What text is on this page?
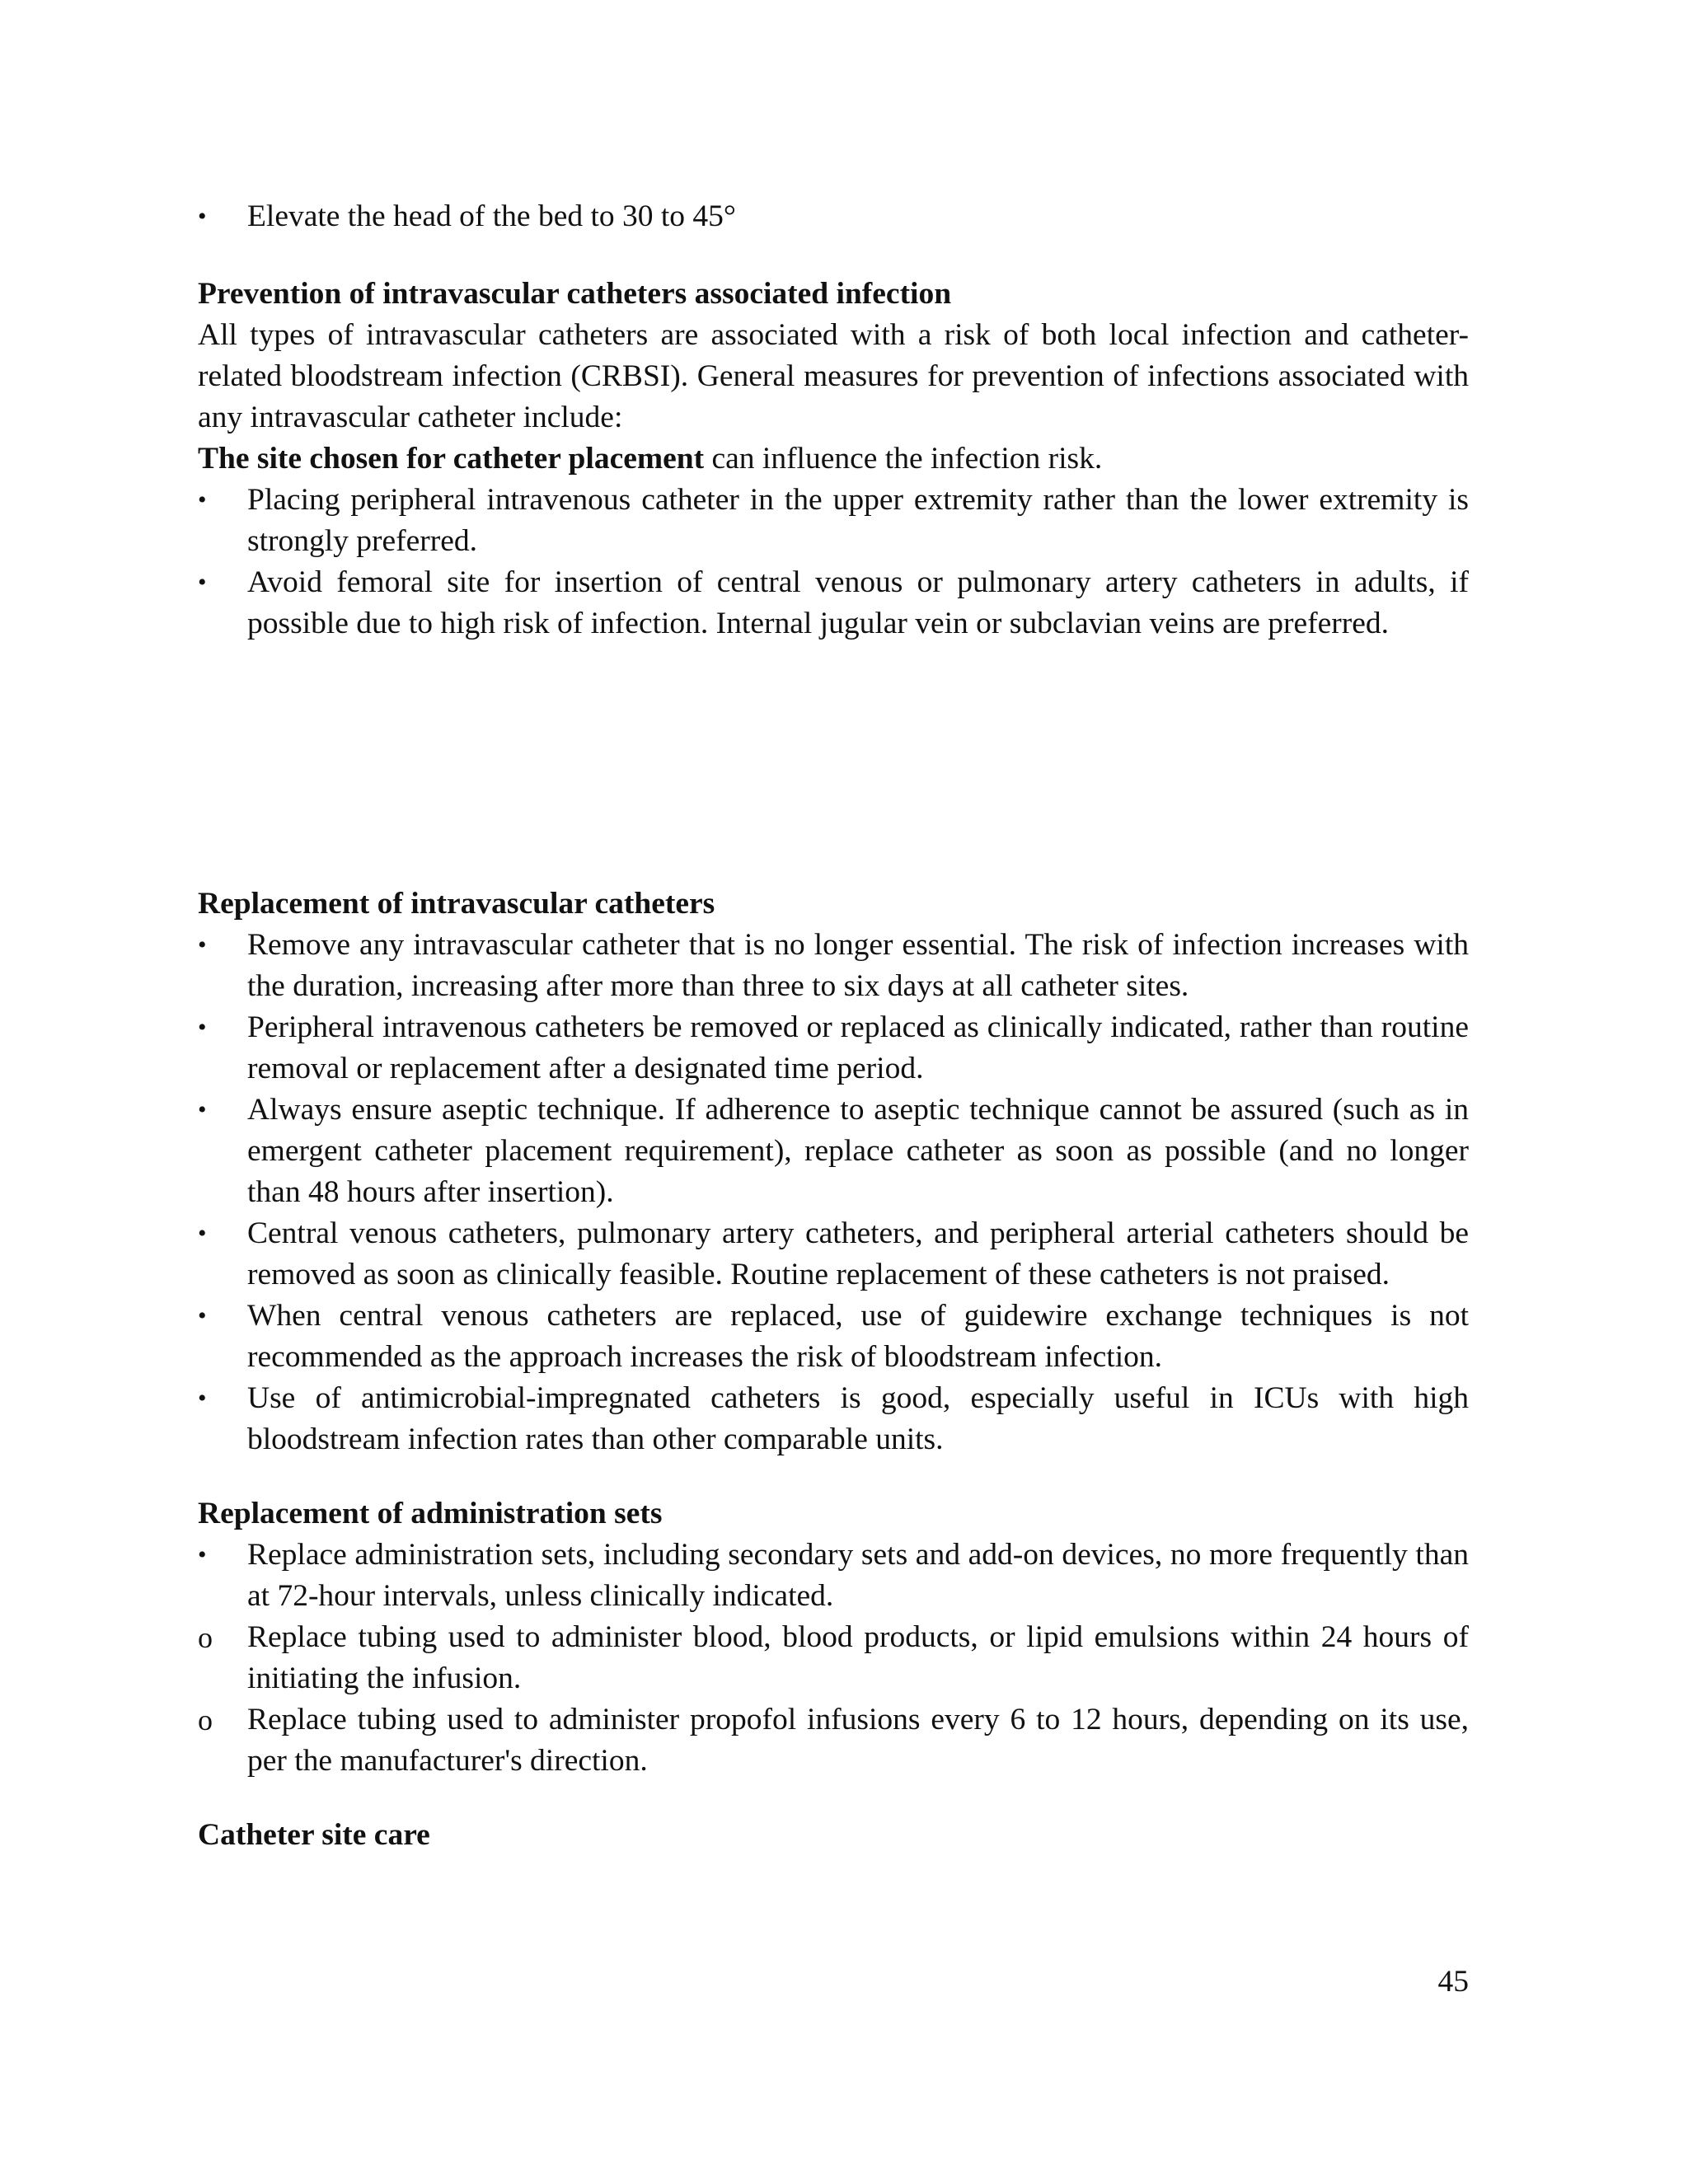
•	Elevate the head of the bed to 30 to 45°

Prevention of intravascular catheters associated infection

All types of intravascular catheters are associated with a risk of both local infection and catheter-related bloodstream infection (CRBSI). General measures for prevention of infections associated with any intravascular catheter include:

The site chosen for catheter placement can influence the infection risk.

•	Placing peripheral intravenous catheter in the upper extremity rather than the lower extremity is strongly preferred.
•	Avoid femoral site for insertion of central venous or pulmonary artery catheters in adults, if possible due to high risk of infection. Internal jugular vein or subclavian veins are preferred.

Replacement of intravascular catheters

•	Remove any intravascular catheter that is no longer essential. The risk of infection increases with the duration, increasing after more than three to six days at all catheter sites.
•	Peripheral intravenous catheters be removed or replaced as clinically indicated, rather than routine removal or replacement after a designated time period.
•	Always ensure aseptic technique. If adherence to aseptic technique cannot be assured (such as in emergent catheter placement requirement), replace catheter as soon as possible (and no longer than 48 hours after insertion).
•	Central venous catheters, pulmonary artery catheters, and peripheral arterial catheters should be removed as soon as clinically feasible. Routine replacement of these catheters is not praised.
•	When central venous catheters are replaced, use of guidewire exchange techniques is not recommended as the approach increases the risk of bloodstream infection.
•	Use of antimicrobial-impregnated catheters is good, especially useful in ICUs with high bloodstream infection rates than other comparable units.

Replacement of administration sets

•	Replace administration sets, including secondary sets and add-on devices, no more frequently than at 72-hour intervals, unless clinically indicated.
o	Replace tubing used to administer blood, blood products, or lipid emulsions within 24 hours of initiating the infusion.
o	Replace tubing used to administer propofol infusions every 6 to 12 hours, depending on its use, per the manufacturer's direction.

Catheter site care

45
